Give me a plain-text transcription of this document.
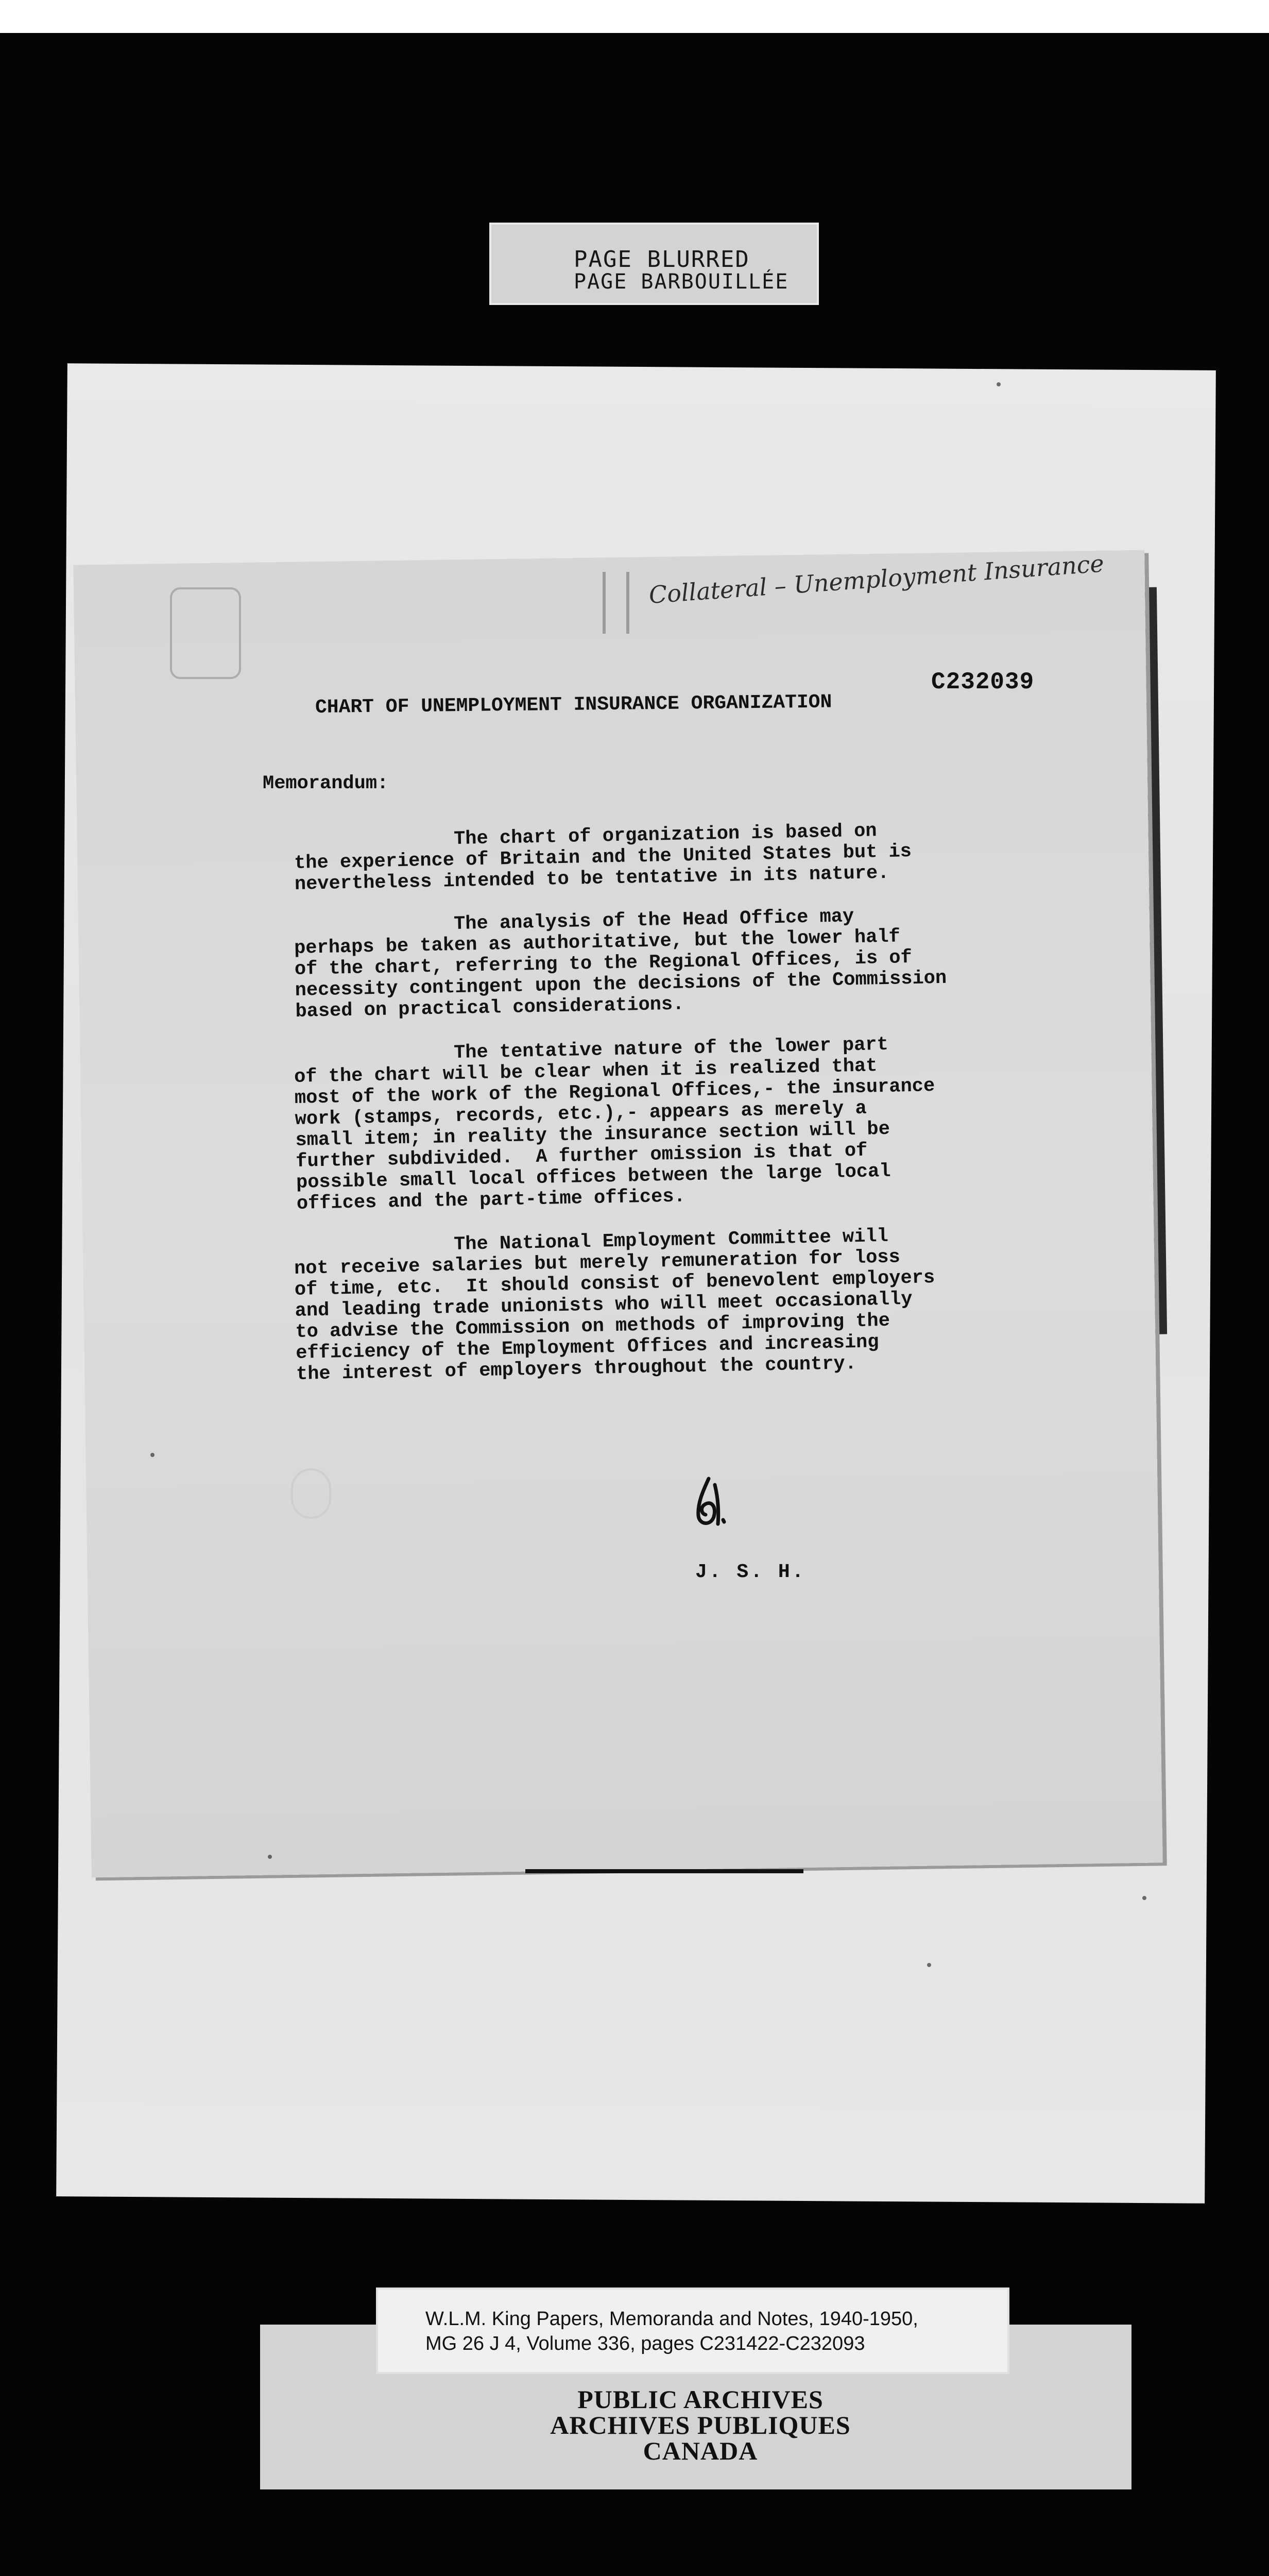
PAGE BLURRED
PAGE BARBOUILLÉE
Collateral – Unemployment Insurance
C232039
CHART OF UNEMPLOYMENT INSURANCE ORGANIZATION
Memorandum:
The chart of organization is based on
the experience of Britain and the United States but is
nevertheless intended to be tentative in its nature.
The analysis of the Head Office may
perhaps be taken as authoritative, but the lower half
of the chart, referring to the Regional Offices, is of
necessity contingent upon the decisions of the Commission
based on practical considerations.
The tentative nature of the lower part
of the chart will be clear when it is realized that
most of the work of the Regional Offices,- the insurance
work (stamps, records, etc.),- appears as merely a
small item; in reality the insurance section will be
further subdivided.  A further omission is that of
possible small local offices between the large local
offices and the part-time offices.
The National Employment Committee will
not receive salaries but merely remuneration for loss
of time, etc.  It should consist of benevolent employers
and leading trade unionists who will meet occasionally
to advise the Commission on methods of improving the
efficiency of the Employment Offices and increasing
the interest of employers throughout the country.
J. S. H.
W.L.M. King Papers, Memoranda and Notes, 1940-1950,
MG 26 J 4, Volume 336, pages C231422-C232093
PUBLIC ARCHIVES
ARCHIVES PUBLIQUES
CANADA
